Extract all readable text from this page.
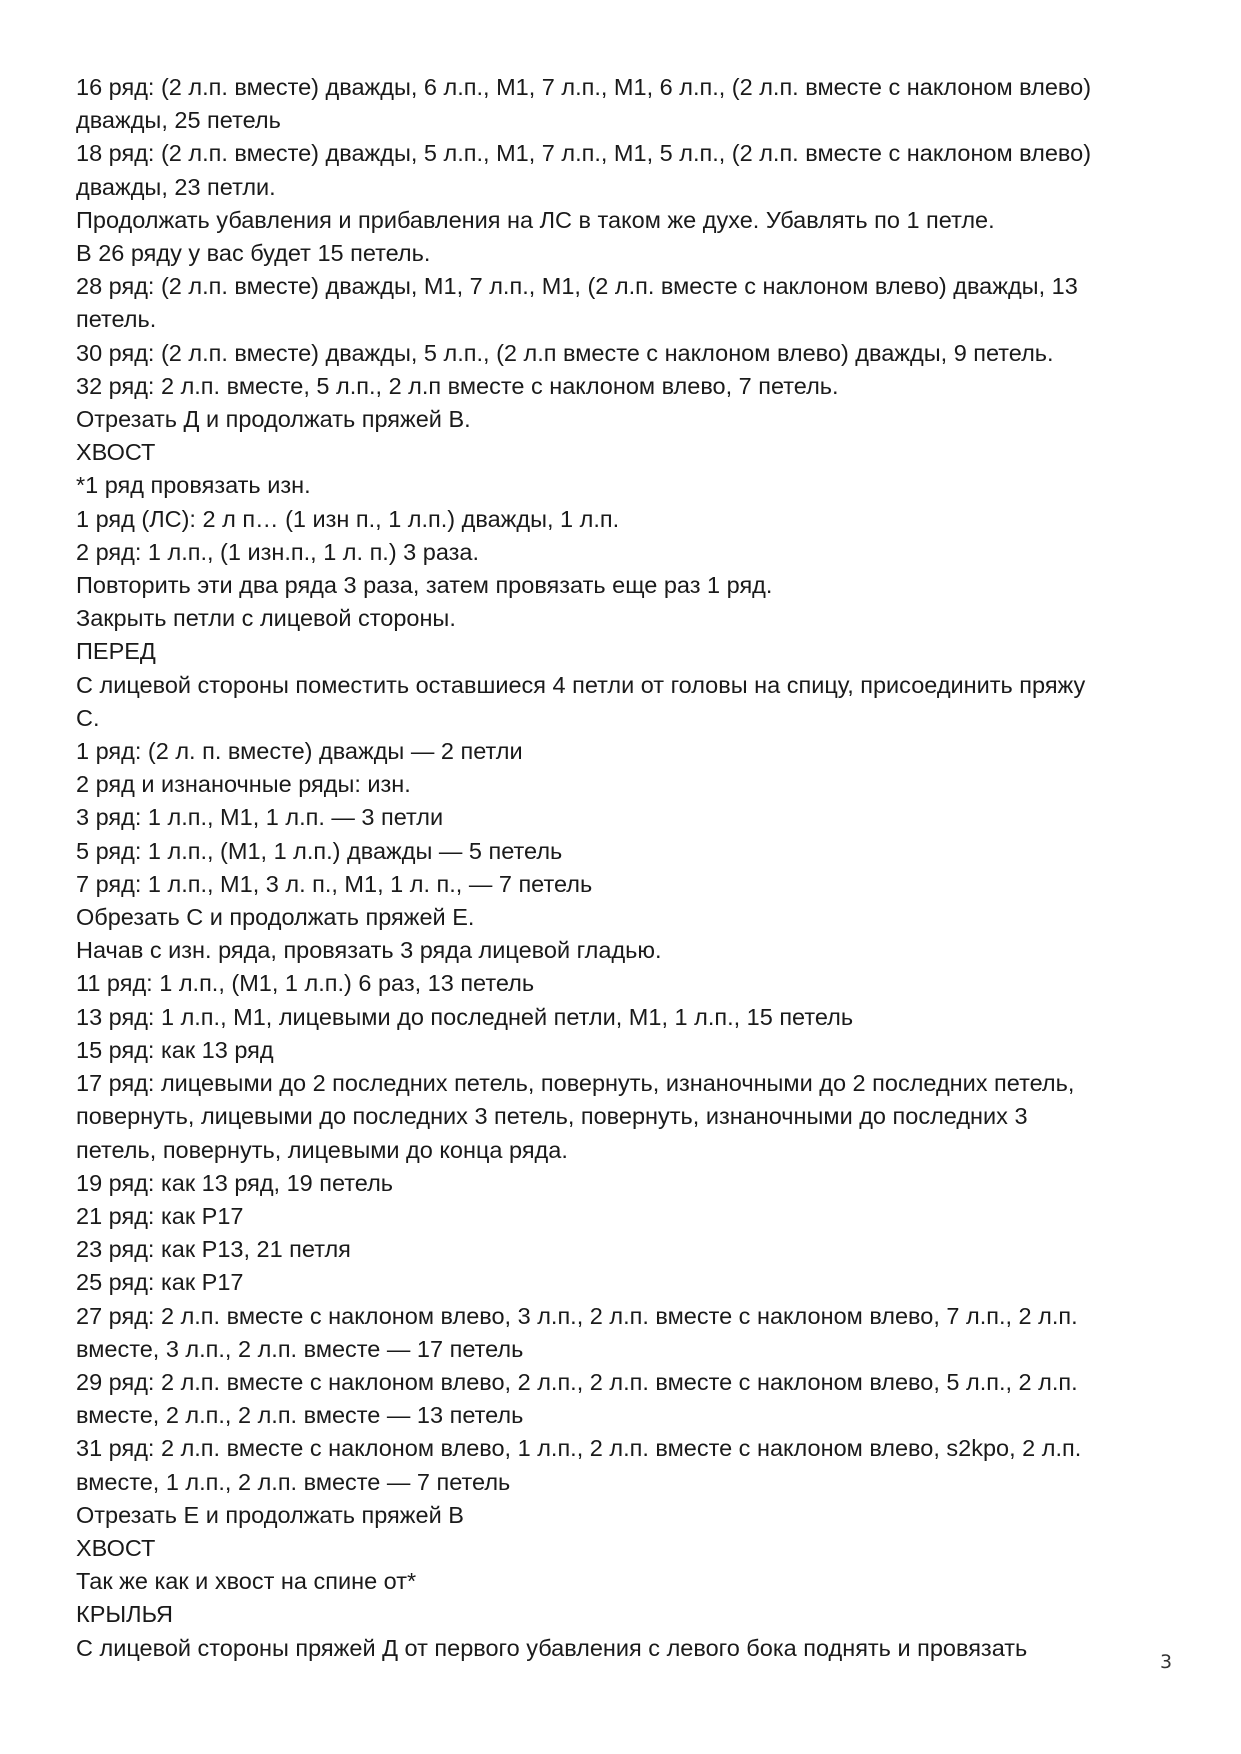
16 ряд: (2 л.п. вместе) дважды, 6 л.п., М1, 7 л.п., М1, 6 л.п., (2 л.п. вместе с наклоном влево)

дважды, 25 петель

18 ряд: (2 л.п. вместе) дважды, 5 л.п., М1, 7 л.п., М1, 5 л.п., (2 л.п. вместе с наклоном влево)

дважды, 23 петли.

Продолжать убавления и прибавления на ЛС в таком же духе. Убавлять по 1 петле.

В 26 ряду у вас будет 15 петель.

28 ряд: (2 л.п. вместе) дважды, М1, 7 л.п., М1, (2 л.п. вместе с наклоном влево) дважды, 13

петель.

30 ряд: (2 л.п. вместе) дважды, 5 л.п., (2 л.п вместе с наклоном влево) дважды, 9 петель.

32 ряд: 2 л.п. вместе, 5 л.п., 2 л.п вместе с наклоном влево, 7 петель.

Отрезать Д и продолжать пряжей В.

ХВОСТ

*1 ряд провязать изн.

1 ряд (ЛС): 2 л п… (1 изн п., 1 л.п.) дважды, 1 л.п.

2 ряд: 1 л.п., (1 изн.п., 1 л. п.) 3 раза.

Повторить эти два ряда 3 раза, затем провязать еще раз 1 ряд.

Закрыть петли с лицевой стороны.

ПЕРЕД

С лицевой стороны поместить оставшиеся 4 петли от головы на спицу, присоединить пряжу

С.

1 ряд: (2 л. п. вместе) дважды — 2 петли

2 ряд и изнаночные ряды: изн.

3 ряд: 1 л.п., М1, 1 л.п. — 3 петли

5 ряд: 1 л.п., (М1, 1 л.п.) дважды — 5 петель

7 ряд: 1 л.п., М1, 3 л. п., М1, 1 л. п., — 7 петель

Обрезать С и продолжать пряжей Е.

Начав с изн. ряда, провязать 3 ряда лицевой гладью.

11 ряд: 1 л.п., (М1, 1 л.п.) 6 раз, 13 петель

13 ряд: 1 л.п., М1, лицевыми до последней петли, М1, 1 л.п., 15 петель

15 ряд: как 13 ряд

17 ряд: лицевыми до 2 последних петель, повернуть, изнаночными до 2 последних петель,

повернуть, лицевыми до последних 3 петель, повернуть, изнаночными до последних 3

петель, повернуть, лицевыми до конца ряда.

19 ряд: как 13 ряд, 19 петель

21 ряд: как Р17

23 ряд: как Р13, 21 петля

25 ряд: как Р17

27 ряд: 2 л.п. вместе с наклоном влево, 3 л.п., 2 л.п. вместе с наклоном влево, 7 л.п., 2 л.п.

вместе, 3 л.п., 2 л.п. вместе — 17 петель

29 ряд: 2 л.п. вместе с наклоном влево, 2 л.п., 2 л.п. вместе с наклоном влево, 5 л.п., 2 л.п.

вместе, 2 л.п., 2 л.п. вместе — 13 петель

31 ряд: 2 л.п. вместе с наклоном влево, 1 л.п., 2 л.п. вместе с наклоном влево, s2kpo, 2 л.п.

вместе, 1 л.п., 2 л.п. вместе — 7 петель

Отрезать Е и продолжать пряжей В

ХВОСТ

Так же как и хвост на спине от*

КРЫЛЬЯ

С лицевой стороны пряжей Д от первого убавления с левого бока поднять и провязать

3
